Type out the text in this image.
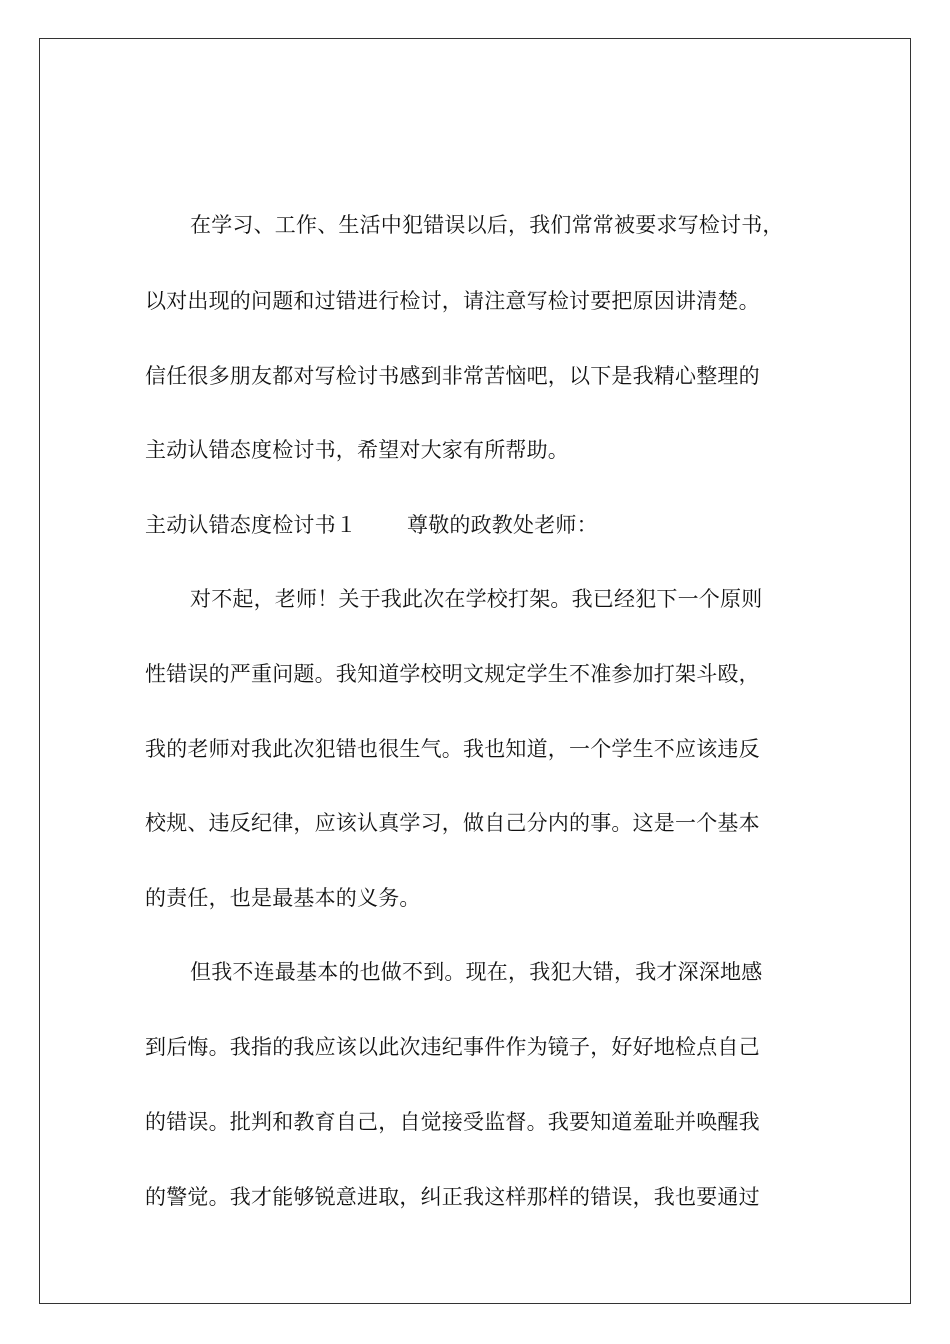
在学习、工作、生活中犯错误以后，我们常常被要求写检讨书，
以对出现的问题和过错进行检讨，请注意写检讨要把原因讲清楚。
信任很多朋友都对写检讨书感到非常苦恼吧，以下是我精心整理的
主动认错态度检讨书，希望对大家有所帮助。
主动认错态度检讨书１ 尊敬的政教处老师：
对不起，老师！关于我此次在学校打架。我已经犯下一个原则
性错误的严重问题。我知道学校明文规定学生不准参加打架斗殴，
我的老师对我此次犯错也很生气。我也知道，一个学生不应该违反
校规、违反纪律，应该认真学习，做自己分内的事。这是一个基本
的责任，也是最基本的义务。
但我不连最基本的也做不到。现在，我犯大错，我才深深地感
到后悔。我指的我应该以此次违纪事件作为镜子，好好地检点自己
的错误。批判和教育自己，自觉接受监督。我要知道羞耻并唤醒我
的警觉。我才能够锐意进取，纠正我这样那样的错误，我也要通过
